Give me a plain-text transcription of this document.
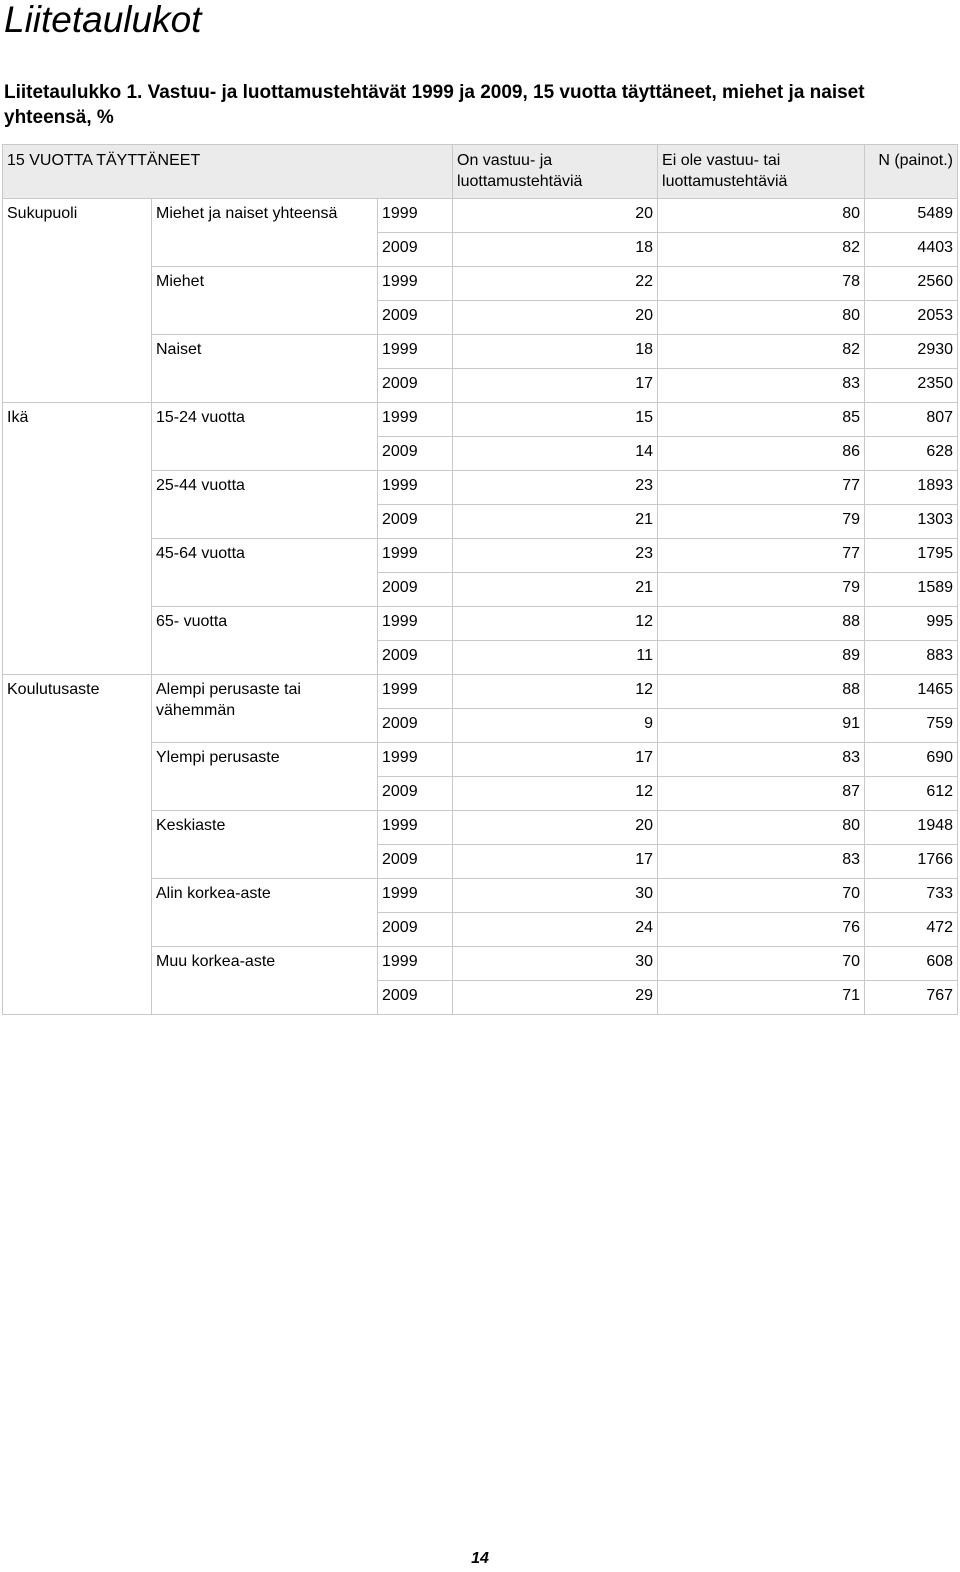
Liitetaulukot

Liitetaulukko 1. Vastuu- ja luottamustehtävät 1999 ja 2009, 15 vuotta täyttäneet, miehet ja naiset yhteensä, %

15 VUOTTA TÄYTTÄNEET			On vastuu- ja luottamustehtäviä	Ei ole vastuu- tai luottamustehtäviä	N (painot.)
Sukupuoli	Miehet ja naiset yhteensä	1999	20	80	5489
		2009	18	82	4403
	Miehet	1999	22	78	2560
		2009	20	80	2053
	Naiset	1999	18	82	2930
		2009	17	83	2350
Ikä	15-24 vuotta	1999	15	85	807
		2009	14	86	628
	25-44 vuotta	1999	23	77	1893
		2009	21	79	1303
	45-64 vuotta	1999	23	77	1795
		2009	21	79	1589
	65- vuotta	1999	12	88	995
		2009	11	89	883
Koulutusaste	Alempi perusaste tai vähemmän	1999	12	88	1465
		2009	9	91	759
	Ylempi perusaste	1999	17	83	690
		2009	12	87	612
	Keskiaste	1999	20	80	1948
		2009	17	83	1766
	Alin korkea-aste	1999	30	70	733
		2009	24	76	472
	Muu korkea-aste	1999	30	70	608
		2009	29	71	767
14
